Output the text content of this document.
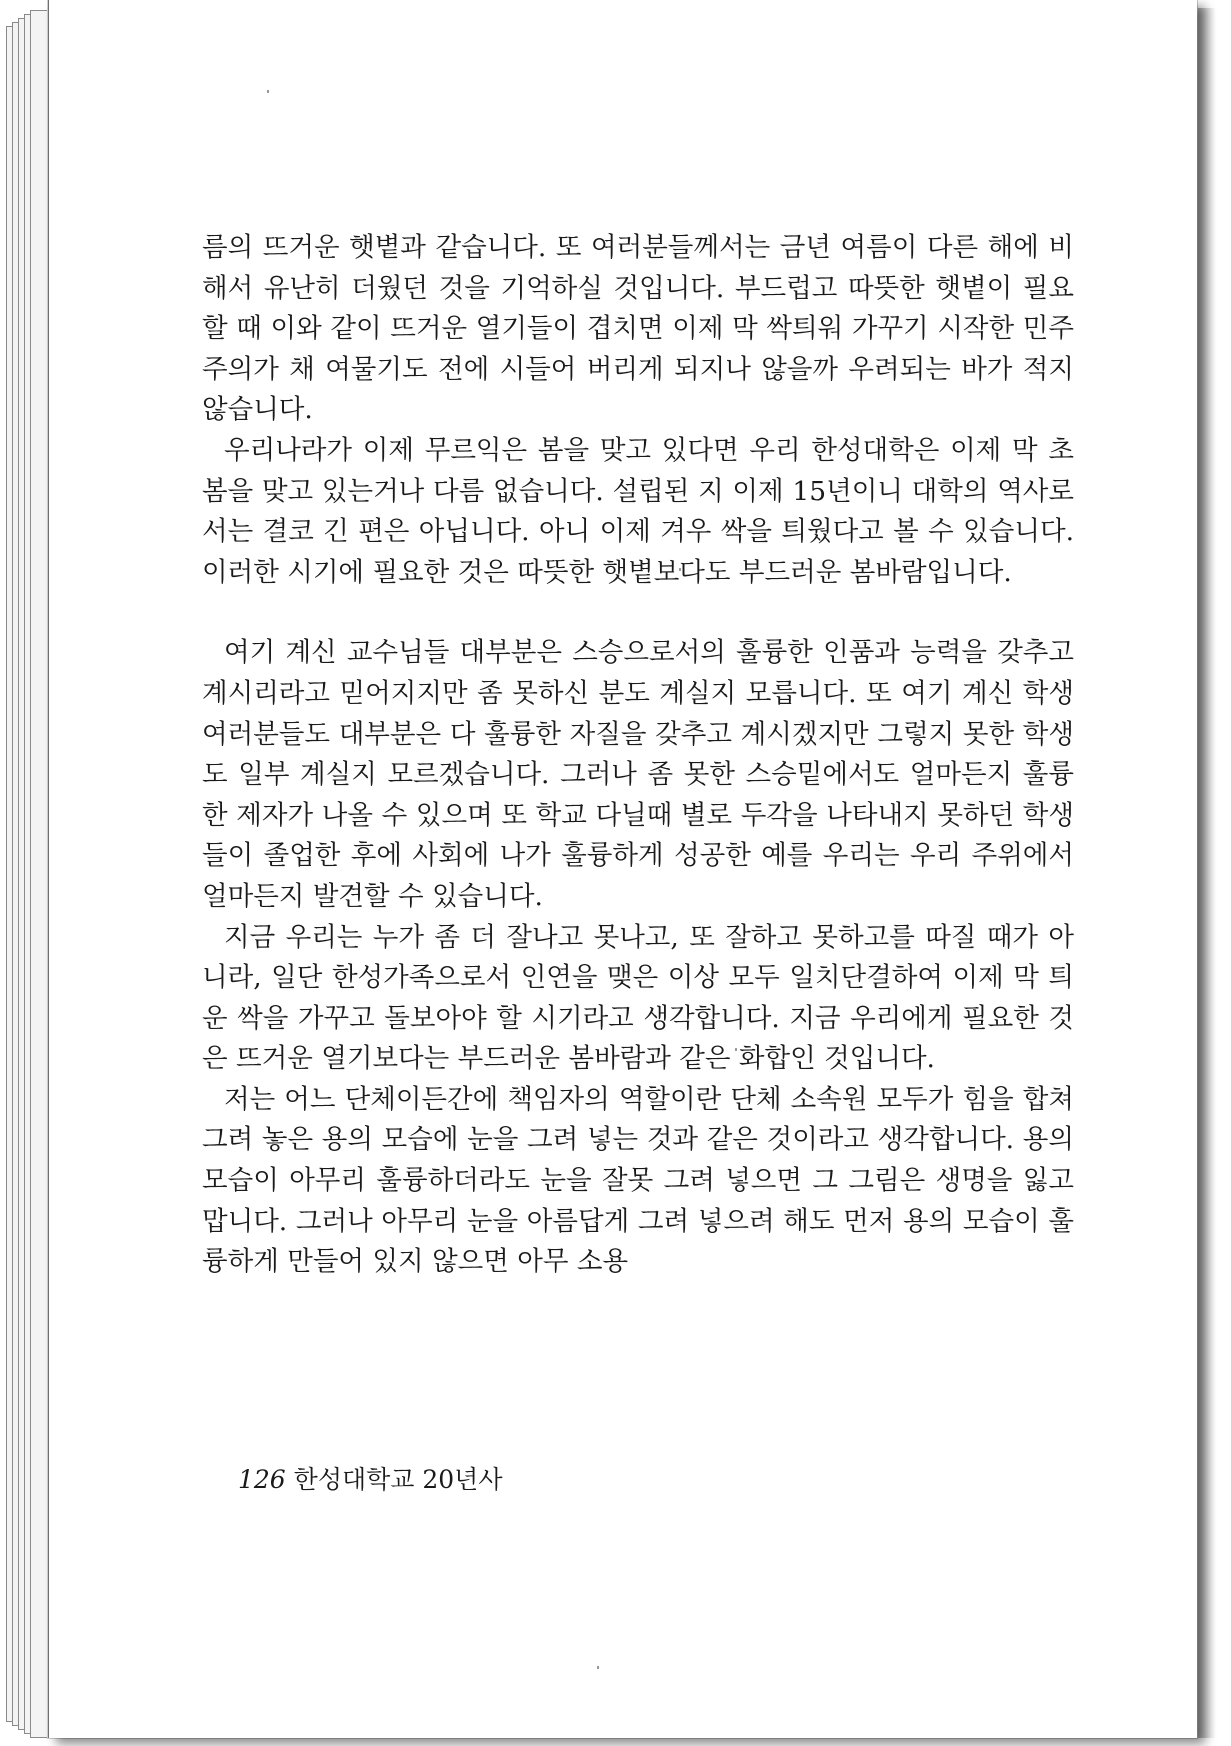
름의 뜨거운 햇볕과 같습니다. 또 여러분들께서는 금년 여름이 다른 해에 비해서 유난히 더웠던 것을 기억하실 것입니다. 부드럽고 따뜻한 햇볕이 필요할 때 이와 같이 뜨거운 열기들이 겹치면 이제 막 싹틔워 가꾸기 시작한 민주주의가 채 여물기도 전에 시들어 버리게 되지나 않을까 우려되는 바가 적지않습니다.

우리나라가 이제 무르익은 봄을 맞고 있다면 우리 한성대학은 이제 막 초봄을 맞고 있는거나 다름 없습니다. 설립된 지 이제 15년이니 대학의 역사로서는 결코 긴 편은 아닙니다. 아니 이제 겨우 싹을 틔웠다고 볼 수 있습니다. 이러한 시기에 필요한 것은 따뜻한 햇볕보다도 부드러운 봄바람입니다.

여기 계신 교수님들 대부분은 스승으로서의 훌륭한 인품과 능력을 갖추고 계시리라고 믿어지지만 좀 못하신 분도 계실지 모릅니다. 또 여기 계신 학생 여러분들도 대부분은 다 훌륭한 자질을 갖추고 계시겠지만 그렇지 못한 학생도 일부 계실지 모르겠습니다. 그러나 좀 못한 스승밑에서도 얼마든지 훌륭한 제자가 나올 수 있으며 또 학교 다닐때 별로 두각을 나타내지 못하던 학생들이 졸업한 후에 사회에 나가 훌륭하게 성공한 예를 우리는 우리 주위에서 얼마든지 발견할 수 있습니다.

지금 우리는 누가 좀 더 잘나고 못나고, 또 잘하고 못하고를 따질 때가 아니라, 일단 한성가족으로서 인연을 맺은 이상 모두 일치단결하여 이제 막 틔운 싹을 가꾸고 돌보아야 할 시기라고 생각합니다. 지금 우리에게 필요한 것은 뜨거운 열기보다는 부드러운 봄바람과 같은 화합인 것입니다.

저는 어느 단체이든간에 책임자의 역할이란 단체 소속원 모두가 힘을 합쳐 그려 놓은 용의 모습에 눈을 그려 넣는 것과 같은 것이라고 생각합니다. 용의 모습이 아무리 훌륭하더라도 눈을 잘못 그려 넣으면 그 그림은 생명을 잃고 맙니다. 그러나 아무리 눈을 아름답게 그려 넣으려 해도 먼저 용의 모습이 훌륭하게 만들어 있지 않으면 아무 소용

126 한성대학교 20년사
